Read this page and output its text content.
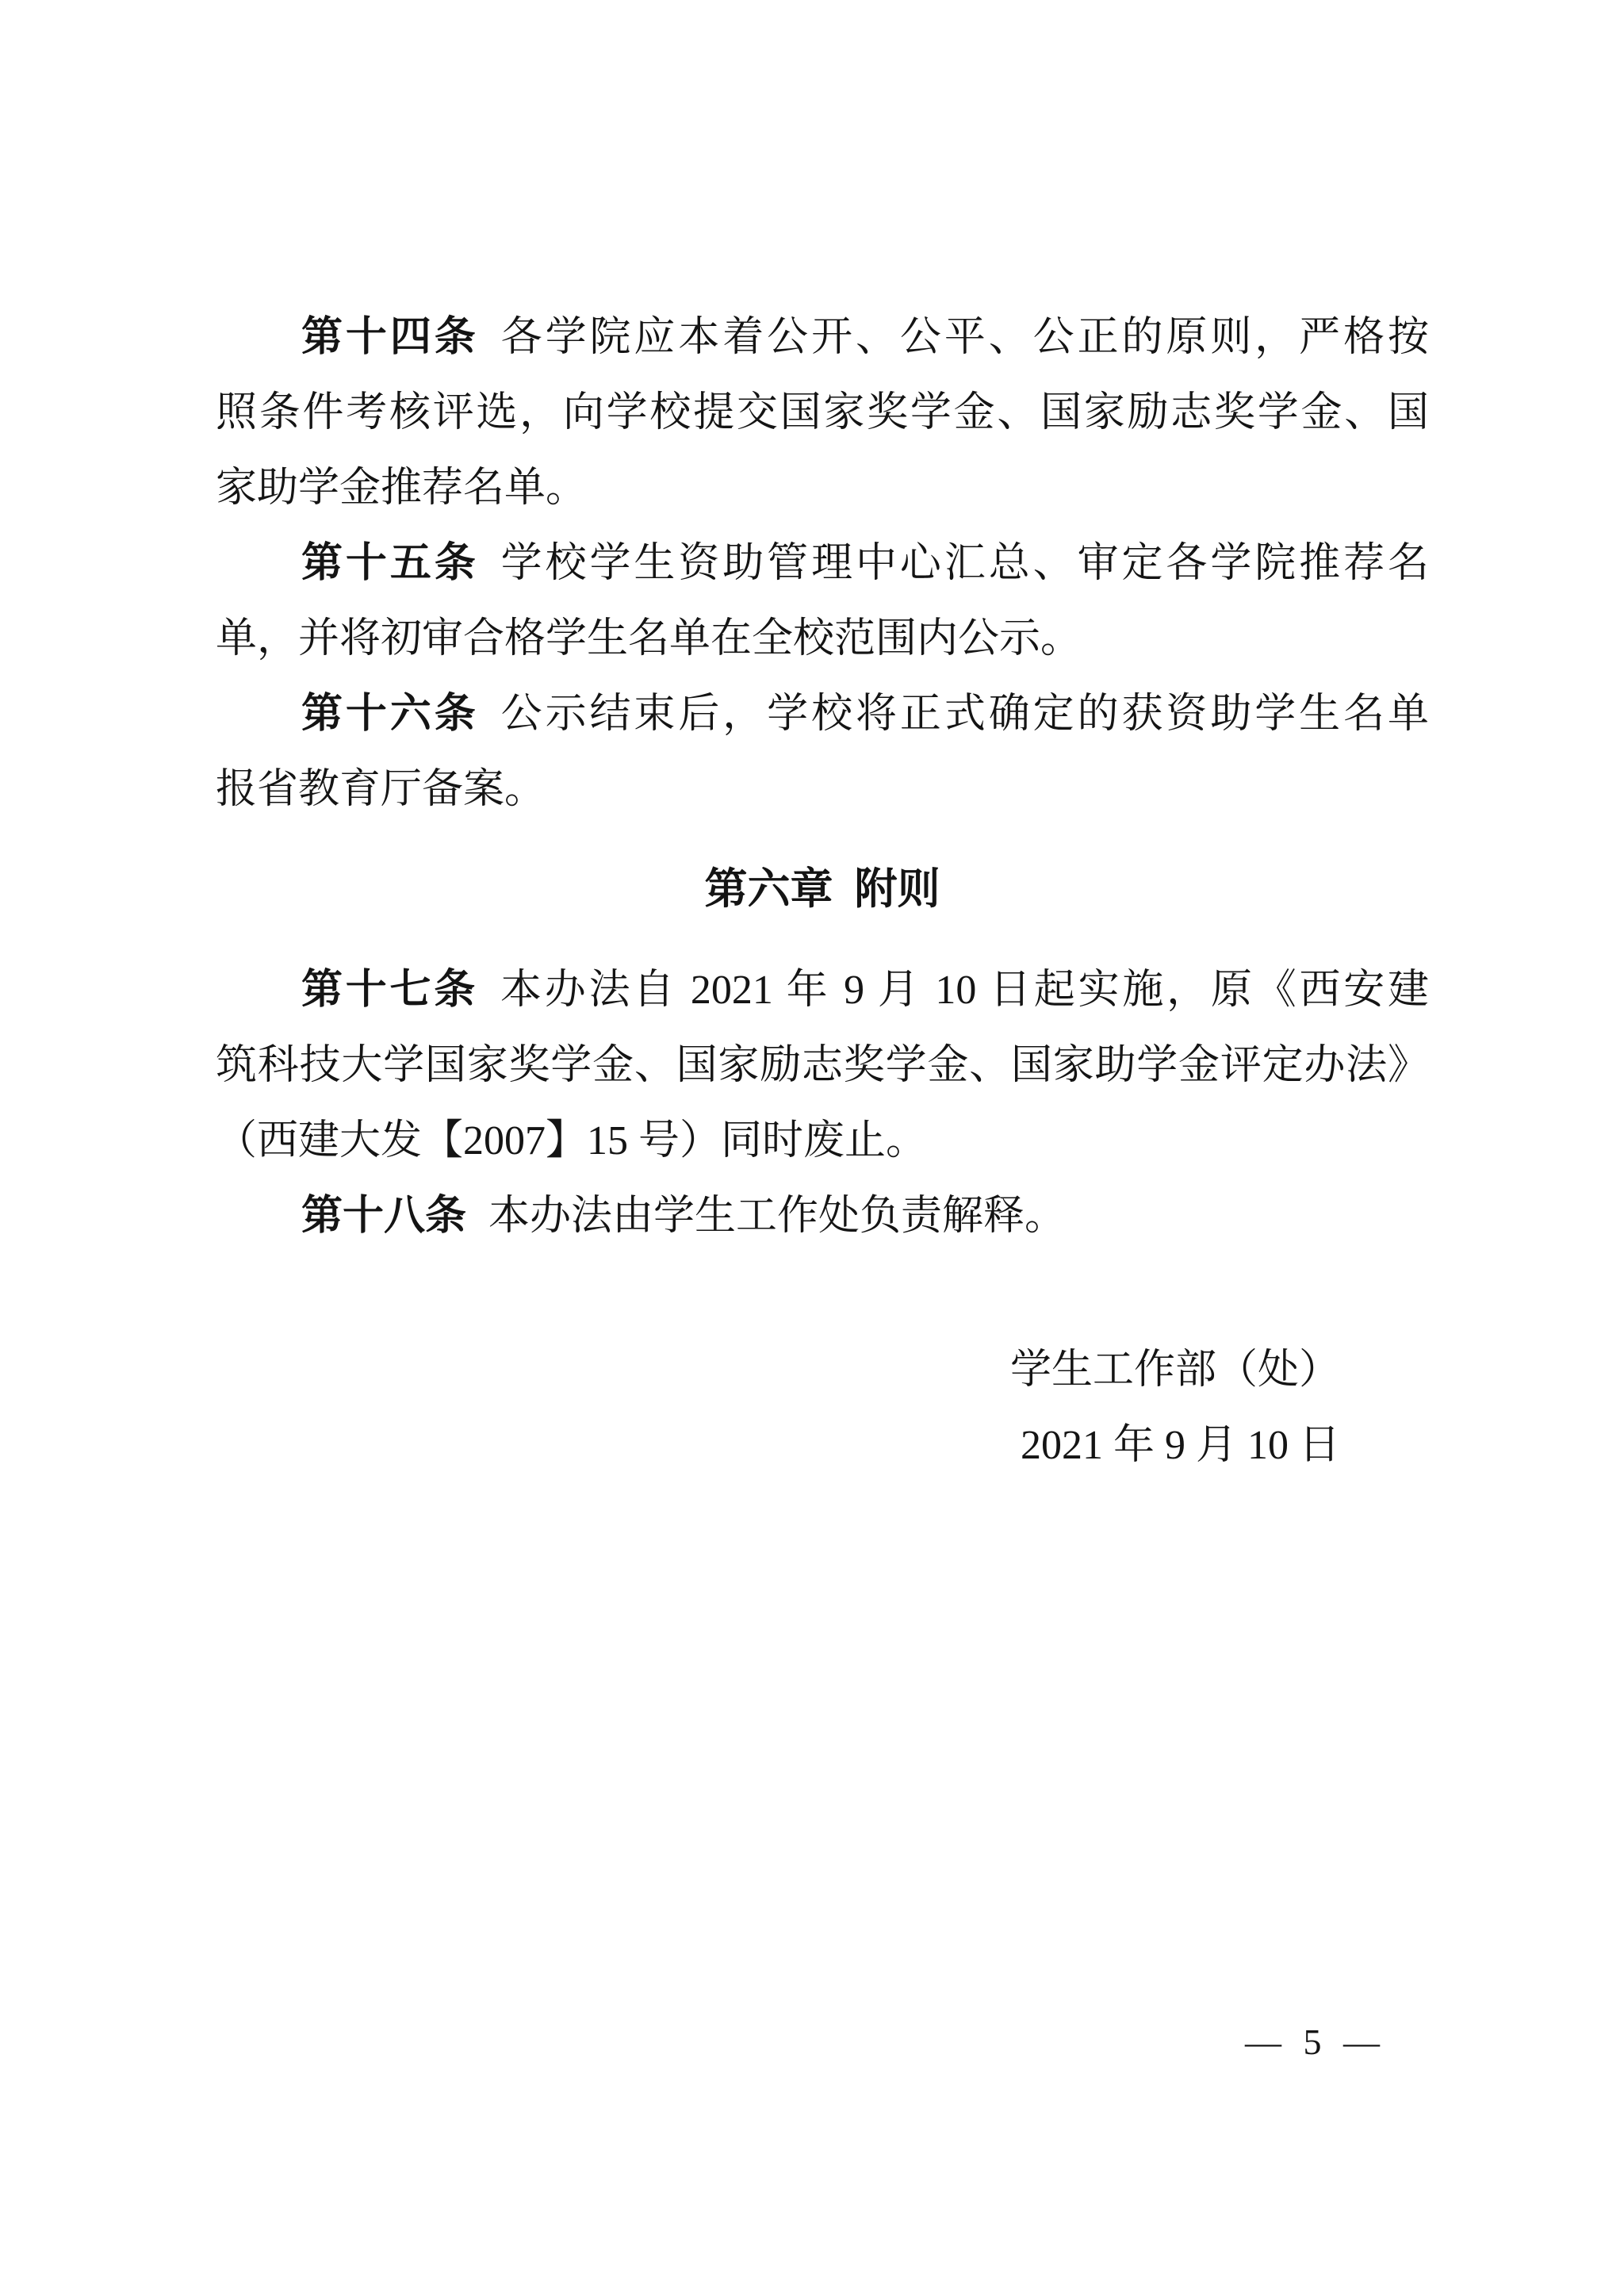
第十四条 各学院应本着公开、公平、公正的原则，严格按
照条件考核评选，向学校提交国家奖学金、国家励志奖学金、国
家助学金推荐名单。
第十五条 学校学生资助管理中心汇总、审定各学院推荐名
单，并将初审合格学生名单在全校范围内公示。
第十六条 公示结束后，学校将正式确定的获资助学生名单
报省教育厅备案。
第六章 附则
第十七条 本办法自 2021 年 9 月 10 日起实施，原《西安建
筑科技大学国家奖学金、国家励志奖学金、国家助学金评定办法》
（西建大发【2007】15 号）同时废止。
第十八条 本办法由学生工作处负责解释。
学生工作部（处）
2021 年 9 月 10 日
— 5 —
